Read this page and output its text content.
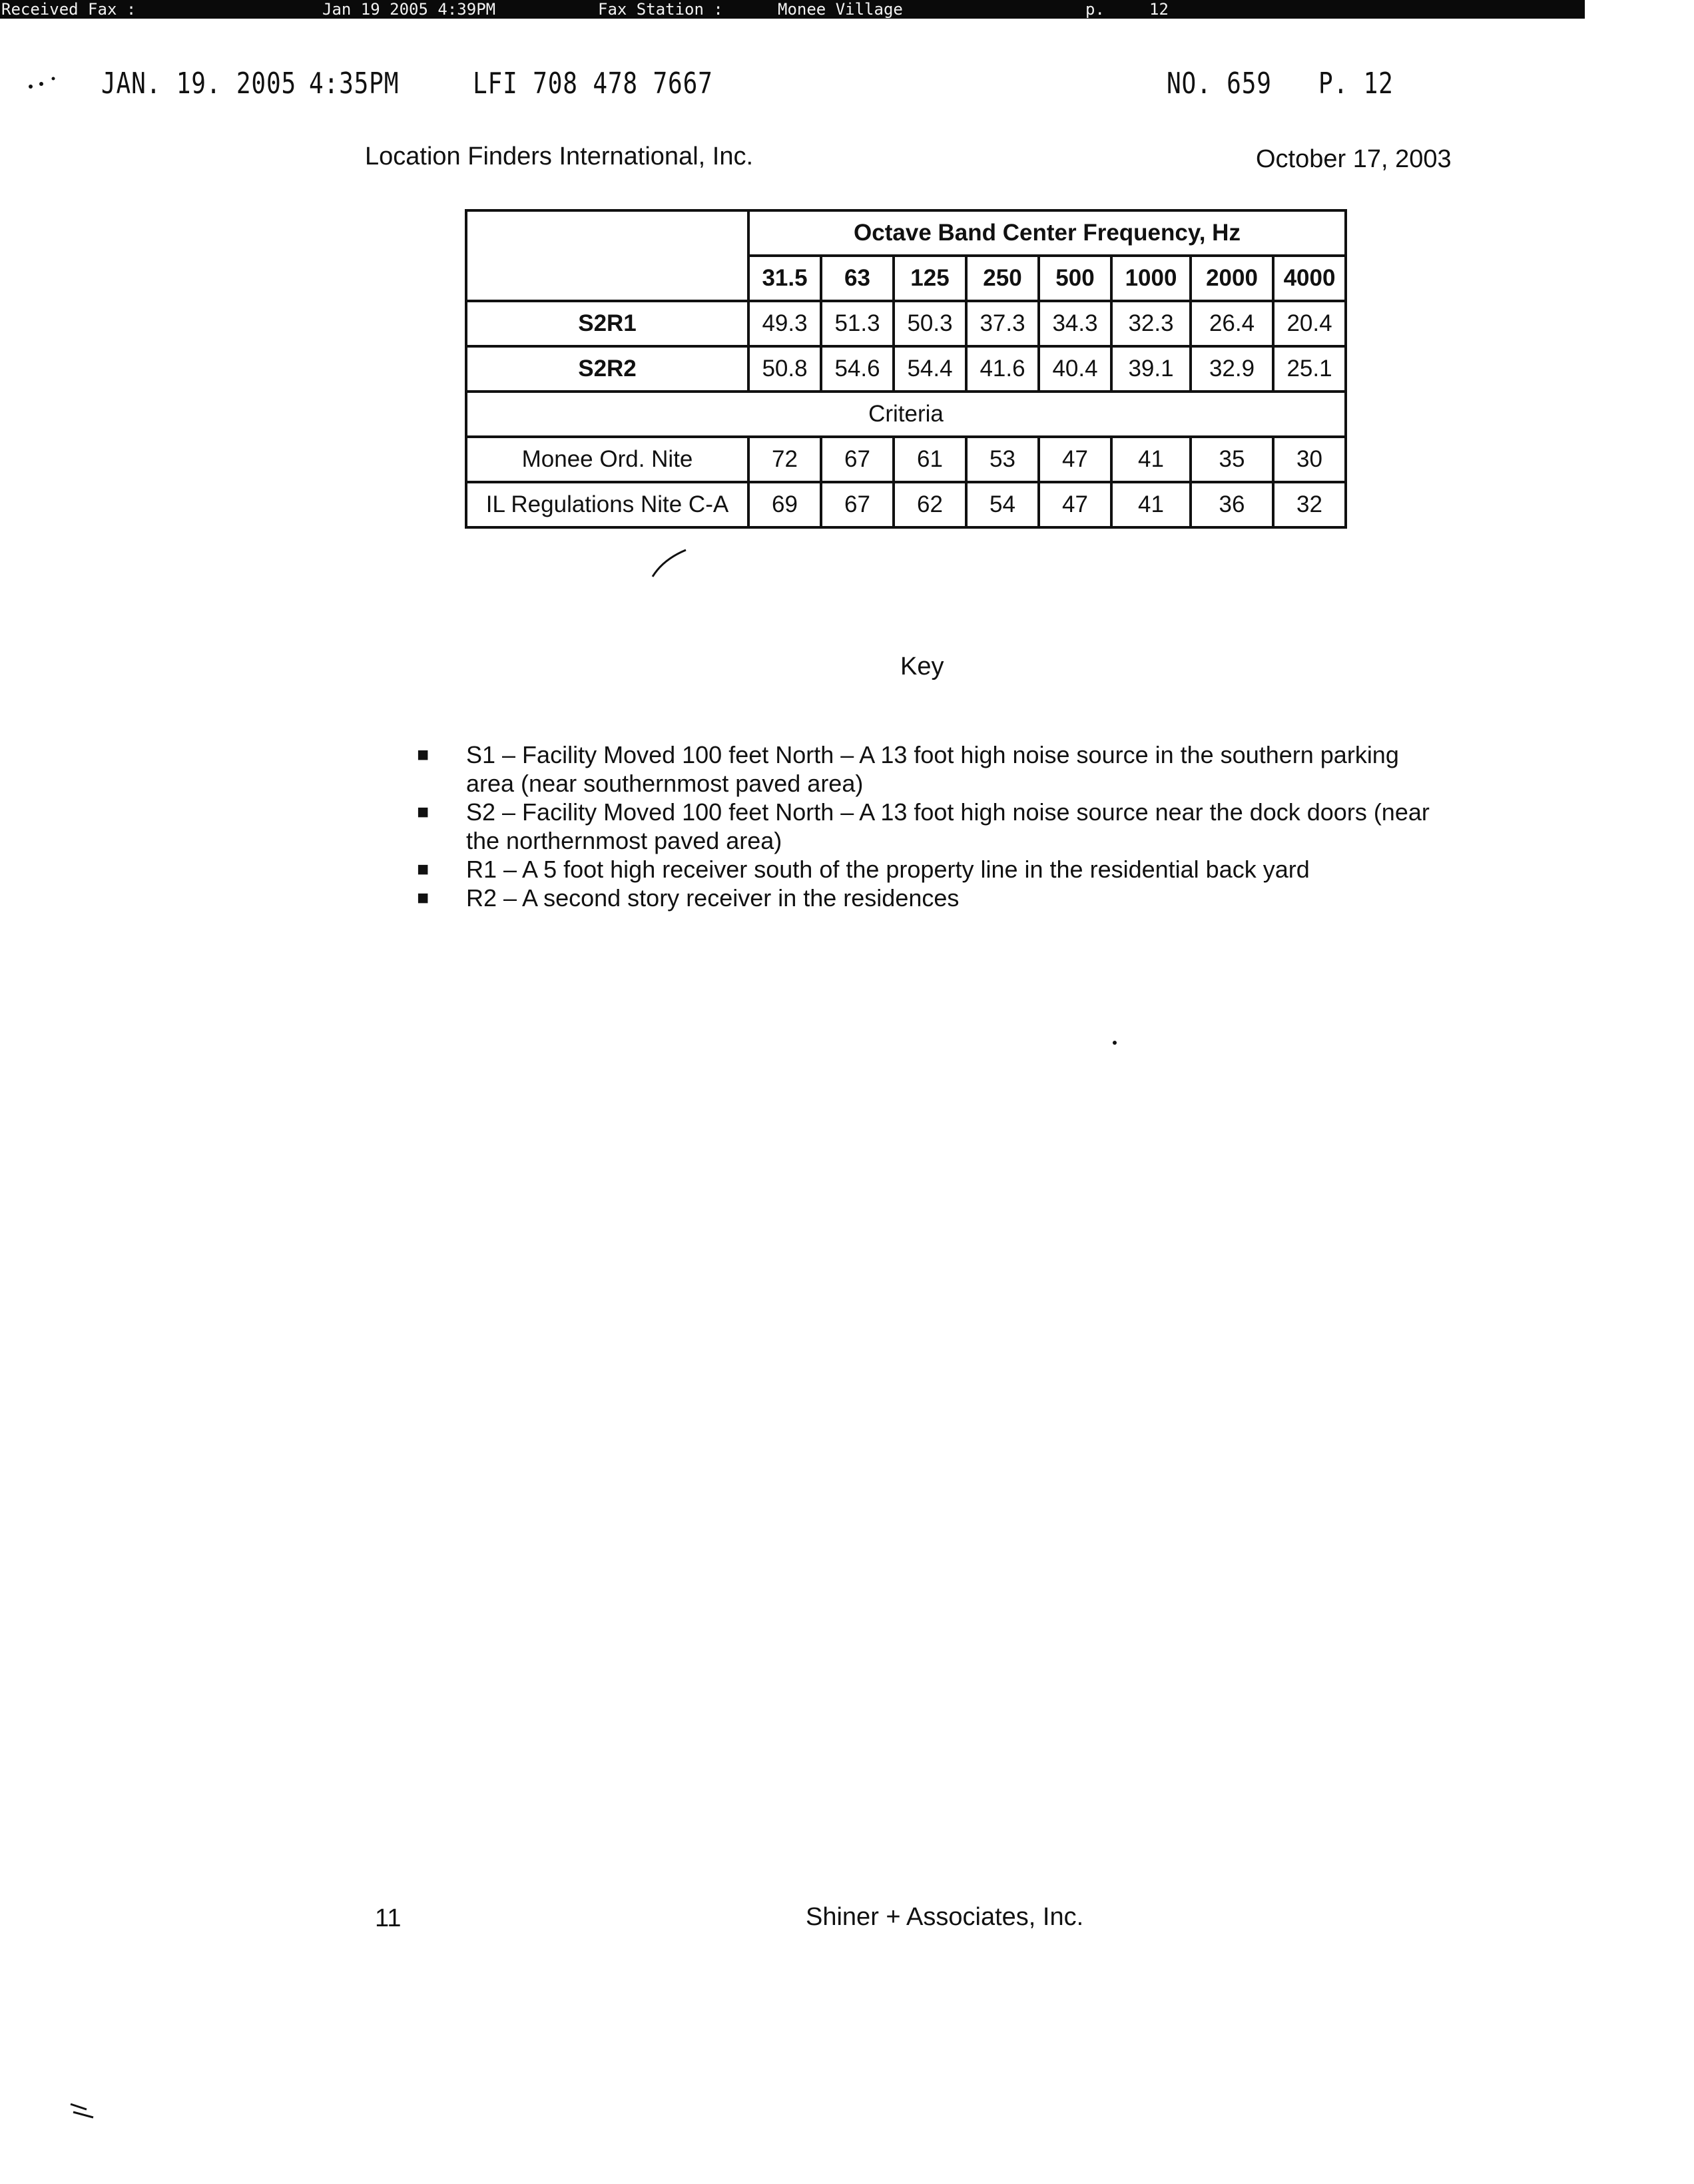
Received Fax :

	Jan 19 2005 4:39PM

	Fax Station :

	Monee Village

	p.

	12

JAN. 19. 2005 4:35PM	LFI 708 478 7667	NO. 659 P. 12
Location Finders International, Inc.	October 17, 2003
	Octave Band Center Frequency, Hz							
	31.5	63	125	250	500	1000	2000	4000
S2R1	49.3	51.3	50.3	37.3	34.3	32.3	26.4	20.4
S2R2	50.8	54.6	54.4	41.6	40.4	39.1	32.9	25.1
Criteria								
Monee Ord. Nite	72	67	61	53	47	41	35	30
IL Regulations Nite C-A	69	67	62	54	47	41	36	32
Key
■ S1 – Facility Moved 100 feet North – A 13 foot high noise source in the southern parking area (near southernmost paved area)
■ S2 – Facility Moved 100 feet North – A 13 foot high noise source near the dock doors (near the northernmost paved area)
■ R1 – A 5 foot high receiver south of the property line in the residential back yard
■ R2 – A second story receiver in the residences
11	Shiner + Associates, Inc.
